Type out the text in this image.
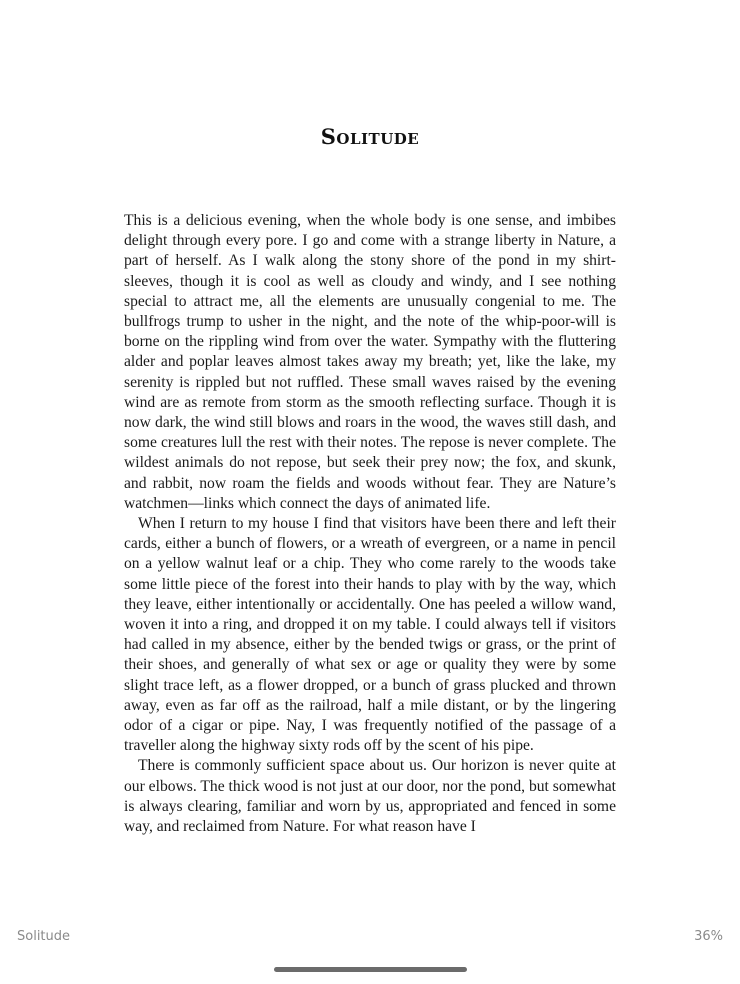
Solitude

This is a delicious evening, when the whole body is one sense, and imbibes delight through every pore. I go and come with a strange liberty in Nature, a part of herself. As I walk along the stony shore of the pond in my shirt-sleeves, though it is cool as well as cloudy and windy, and I see nothing special to attract me, all the elements are unusually congenial to me. The bullfrogs trump to usher in the night, and the note of the whip-poor-will is borne on the rippling wind from over the water. Sympathy with the fluttering alder and poplar leaves almost takes away my breath; yet, like the lake, my serenity is rippled but not ruffled. These small waves raised by the evening wind are as remote from storm as the smooth reflecting surface. Though it is now dark, the wind still blows and roars in the wood, the waves still dash, and some creatures lull the rest with their notes. The repose is never complete. The wildest animals do not repose, but seek their prey now; the fox, and skunk, and rabbit, now roam the fields and woods without fear. They are Nature’s watchmen—links which connect the days of animated life.

When I return to my house I find that visitors have been there and left their cards, either a bunch of flowers, or a wreath of evergreen, or a name in pencil on a yellow walnut leaf or a chip. They who come rarely to the woods take some little piece of the forest into their hands to play with by the way, which they leave, either intentionally or accidentally. One has peeled a willow wand, woven it into a ring, and dropped it on my table. I could always tell if visitors had called in my absence, either by the bended twigs or grass, or the print of their shoes, and generally of what sex or age or quality they were by some slight trace left, as a flower dropped, or a bunch of grass plucked and thrown away, even as far off as the railroad, half a mile distant, or by the lingering odor of a cigar or pipe. Nay, I was frequently notified of the passage of a traveller along the highway sixty rods off by the scent of his pipe.

There is commonly sufficient space about us. Our horizon is never quite at our elbows. The thick wood is not just at our door, nor the pond, but somewhat is always clearing, familiar and worn by us, appropriated and fenced in some way, and reclaimed from Nature. For what reason have I

Solitude	36%
